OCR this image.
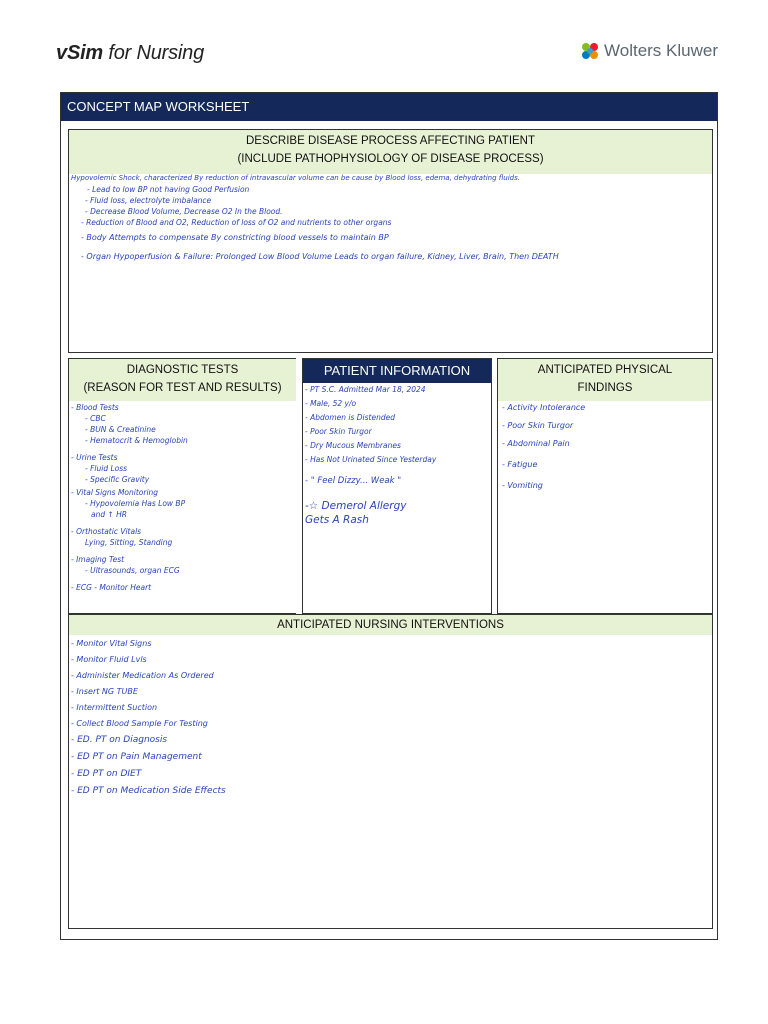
vSim for Nursing	Wolters Kluwer
CONCEPT MAP WORKSHEET
DESCRIBE DISEASE PROCESS AFFECTING PATIENT
(INCLUDE PATHOPHYSIOLOGY OF DISEASE PROCESS)
Hypovolemic Shock, characterized By reduction of intravascular volume can be cause by Blood loss, edema, dehydrating fluids.
- Lead to low BP not having Good Perfusion
- Fluid loss, electrolyte imbalance
- Decrease Blood Volume, Decrease O2 In the Blood.
- Reduction of Blood and O2, Reduction of loss of O2 and nutrients to other organs
- Body Attempts to compensate By constricting blood vessels to maintain BP
- Organ Hypoperfusion & Failure: Prolonged Low Blood Volume Leads to organ failure, Kidney, Liver, Brain, Then DEATH
DIAGNOSTIC TESTS
(REASON FOR TEST AND RESULTS)
- Blood Tests
- CBC
- BUN & Creatinine
- Hematocrit & Hemoglobin
- Urine Tests
- Fluid Loss
- Specific Gravity
- Vital Signs Monitoring
- Hypovolemia Has Low BP
and ↑ HR
- Orthostatic Vitals
Lying, Sitting, Standing
- Imaging Test
- Ultrasounds, organ ECG
- ECG - Monitor Heart
PATIENT INFORMATION
- PT S.C. Admitted Mar 18, 2024
- Male, 52 y/o
- Abdomen is Distended
- Poor Skin Turgor
- Dry Mucous Membranes
- Has Not Urinated Since Yesterday
- " Feel Dizzy... Weak "
-☆ Demerol Allergy
Gets A Rash
ANTICIPATED PHYSICAL
FINDINGS
- Activity Intolerance
- Poor Skin Turgor
- Abdominal Pain
- Fatigue
- Vomiting
ANTICIPATED NURSING INTERVENTIONS
- Monitor Vital Signs
- Monitor Fluid Lvls
- Administer Medication As Ordered
- Insert NG TUBE
- Intermittent Suction
- Collect Blood Sample For Testing
- ED. PT on Diagnosis
- ED PT on Pain Management
- ED PT on DIET
- ED PT on Medication Side Effects
